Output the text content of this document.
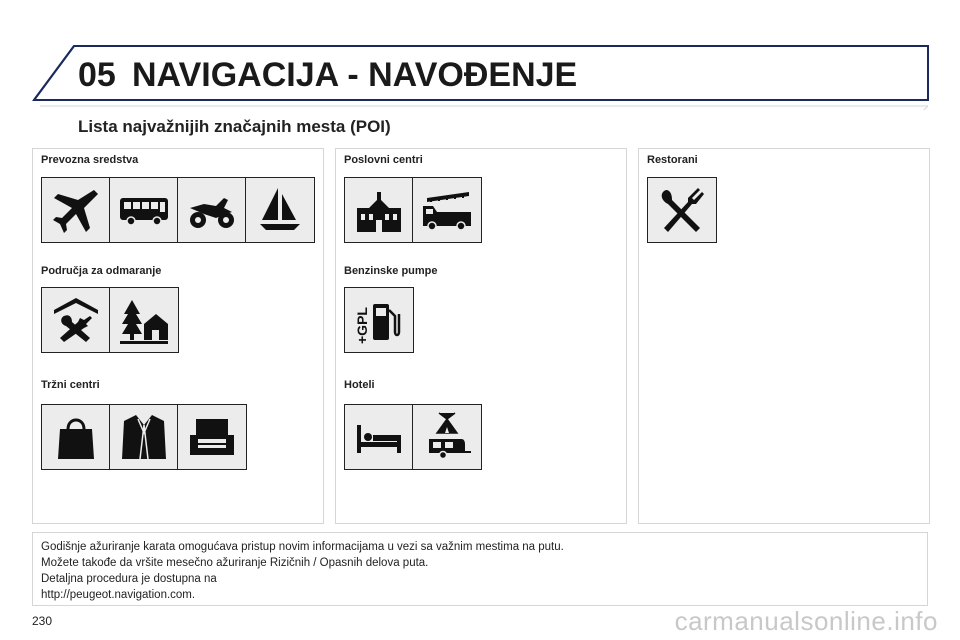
05 NAVIGACIJA - NAVOĐENJE
Lista najvažnijih značajnih mesta (POI)
Prevozna sredstva
Područja za odmaranje
Tržni centri
Poslovni centri
Benzinske pumpe
+GPL
Hoteli
Restorani
Godišnje ažuriranje karata omogućava pristup novim informacijama u vezi sa važnim mestima na putu.
Možete takođe da vršite mesečno ažuriranje Rizičnih / Opasnih delova puta.
Detaljna procedura je dostupna na
http://peugeot.navigation.com.
230	carmanualsonline.info
